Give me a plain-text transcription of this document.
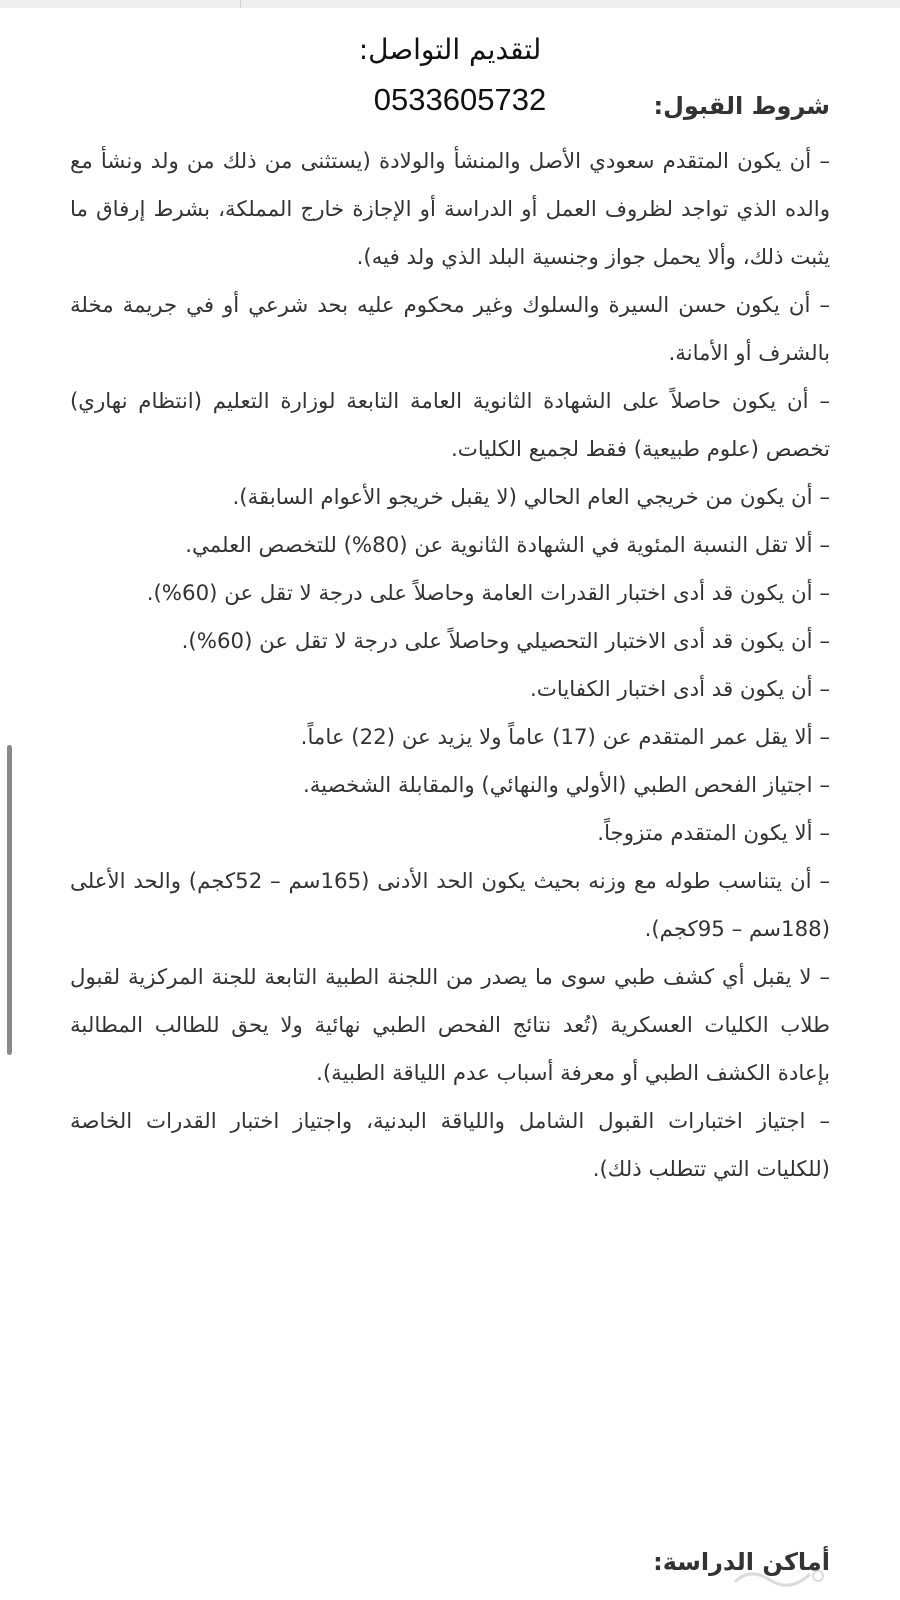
لتقديم التواصل:
0533605732	شروط القبول:
– أن يكون المتقدم سعودي الأصل والمنشأ والولادة (يستثنى من ذلك من ولد ونشأ مع والده الذي تواجد لظروف العمل أو الدراسة أو الإجازة خارج المملكة، بشرط إرفاق ما يثبت ذلك، وألا يحمل جواز وجنسية البلد الذي ولد فيه).
– أن يكون حسن السيرة والسلوك وغير محكوم عليه بحد شرعي أو في جريمة مخلة بالشرف أو الأمانة.
– أن يكون حاصلاً على الشهادة الثانوية العامة التابعة لوزارة التعليم (انتظام نهاري) تخصص (علوم طبيعية) فقط لجميع الكليات.
– أن يكون من خريجي العام الحالي (لا يقبل خريجو الأعوام السابقة).
– ألا تقل النسبة المئوية في الشهادة الثانوية عن (80%) للتخصص العلمي.
– أن يكون قد أدى اختبار القدرات العامة وحاصلاً على درجة لا تقل عن (60%).
– أن يكون قد أدى الاختبار التحصيلي وحاصلاً على درجة لا تقل عن (60%).
– أن يكون قد أدى اختبار الكفايات.
– ألا يقل عمر المتقدم عن (17) عاماً ولا يزيد عن (22) عاماً.
– اجتياز الفحص الطبي (الأولي والنهائي) والمقابلة الشخصية.
– ألا يكون المتقدم متزوجاً.
– أن يتناسب طوله مع وزنه بحيث يكون الحد الأدنى (165سم – 52كجم) والحد الأعلى (188سم – 95كجم).
– لا يقبل أي كشف طبي سوى ما يصدر من اللجنة الطبية التابعة للجنة المركزية لقبول طلاب الكليات العسكرية (تُعد نتائج الفحص الطبي نهائية ولا يحق للطالب المطالبة بإعادة الكشف الطبي أو معرفة أسباب عدم اللياقة الطبية).
– اجتياز اختبارات القبول الشامل واللياقة البدنية، واجتياز اختبار القدرات الخاصة (للكليات التي تتطلب ذلك).
أماكن الدراسة:
